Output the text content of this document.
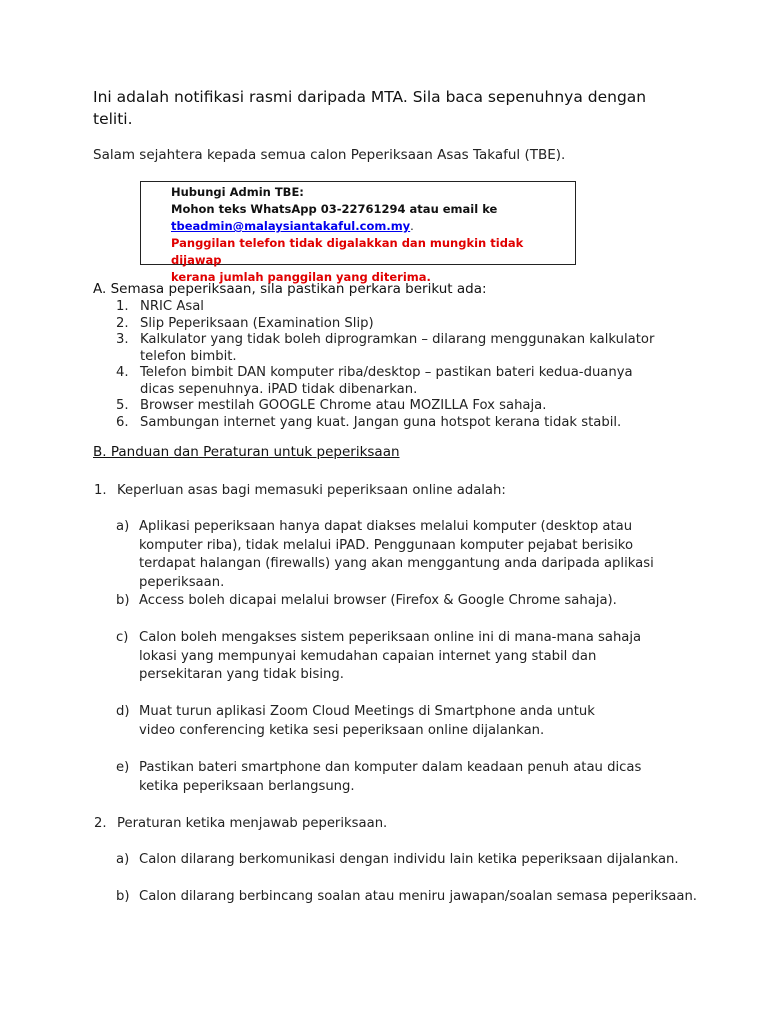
Ini adalah notifikasi rasmi daripada MTA. Sila baca sepenuhnya dengan teliti.
Salam sejahtera kepada semua calon Peperiksaan Asas Takaful (TBE).
Hubungi Admin TBE:
Mohon teks WhatsApp 03-22761294 atau email ke
tbeadmin@malaysiantakaful.com.my.
Panggilan telefon tidak digalakkan dan mungkin tidak dijawap
kerana jumlah panggilan yang diterima.
A. Semasa peperiksaan, sila pastikan perkara berikut ada:
1. NRIC Asal
2. Slip Peperiksaan (Examination Slip)
3. Kalkulator yang tidak boleh diprogramkan – dilarang menggunakan kalkulator telefon bimbit.
4. Telefon bimbit DAN komputer riba/desktop – pastikan bateri kedua-duanya dicas sepenuhnya. iPAD tidak dibenarkan.
5. Browser mestilah GOOGLE Chrome atau MOZILLA Fox sahaja.
6. Sambungan internet yang kuat. Jangan guna hotspot kerana tidak stabil.
B. Panduan dan Peraturan untuk peperiksaan
1. Keperluan asas bagi memasuki peperiksaan online adalah:
a) Aplikasi peperiksaan hanya dapat diakses melalui komputer (desktop atau komputer riba), tidak melalui iPAD. Penggunaan komputer pejabat berisiko terdapat halangan (firewalls) yang akan menggantung anda daripada aplikasi peperiksaan.
b) Access boleh dicapai melalui browser (Firefox & Google Chrome sahaja).
c) Calon boleh mengakses sistem peperiksaan online ini di mana-mana sahaja lokasi yang mempunyai kemudahan capaian internet yang stabil dan persekitaran yang tidak bising.
d) Muat turun aplikasi Zoom Cloud Meetings di Smartphone anda untuk video conferencing ketika sesi peperiksaan online dijalankan.
e) Pastikan bateri smartphone dan komputer dalam keadaan penuh atau dicas ketika peperiksaan berlangsung.
2. Peraturan ketika menjawab peperiksaan.
a) Calon dilarang berkomunikasi dengan individu lain ketika peperiksaan dijalankan.
b) Calon dilarang berbincang soalan atau meniru jawapan/soalan semasa peperiksaan.
